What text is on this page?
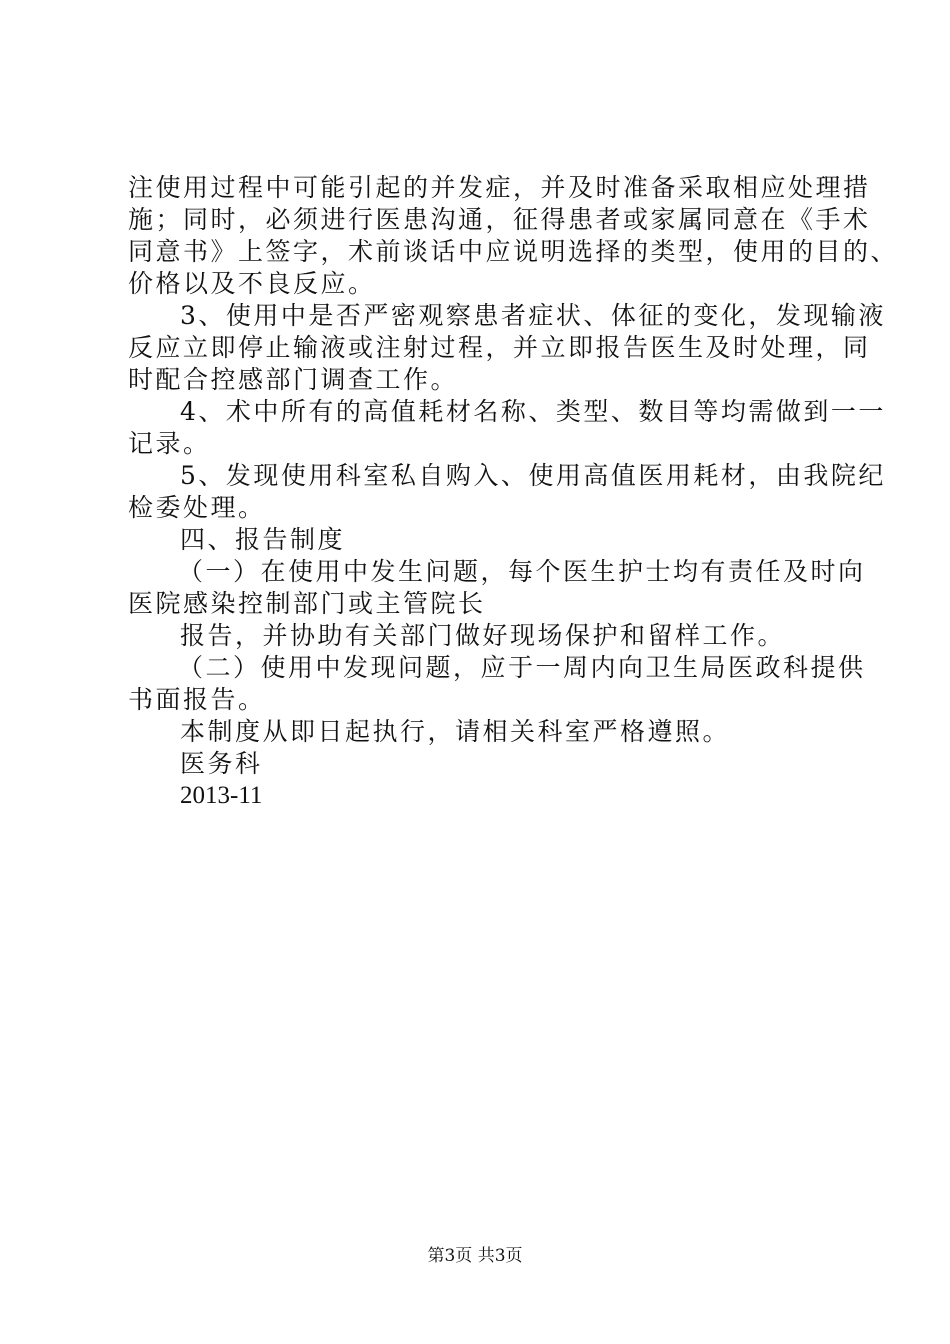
注使用过程中可能引起的并发症，并及时准备采取相应处理措
施；同时，必须进行医患沟通，征得患者或家属同意在《手术
同意书》上签字，术前谈话中应说明选择的类型，使用的目的、
价格以及不良反应。
3、使用中是否严密观察患者症状、体征的变化，发现输液
反应立即停止输液或注射过程，并立即报告医生及时处理，同
时配合控感部门调查工作。
4、术中所有的高值耗材名称、类型、数目等均需做到一一
记录。
5、发现使用科室私自购入、使用高值医用耗材，由我院纪
检委处理。
四、报告制度
（一）在使用中发生问题，每个医生护士均有责任及时向
医院感染控制部门或主管院长
报告，并协助有关部门做好现场保护和留样工作。
（二）使用中发现问题，应于一周内向卫生局医政科提供
书面报告。
本制度从即日起执行，请相关科室严格遵照。
医务科
2013-11
第3页 共3页
